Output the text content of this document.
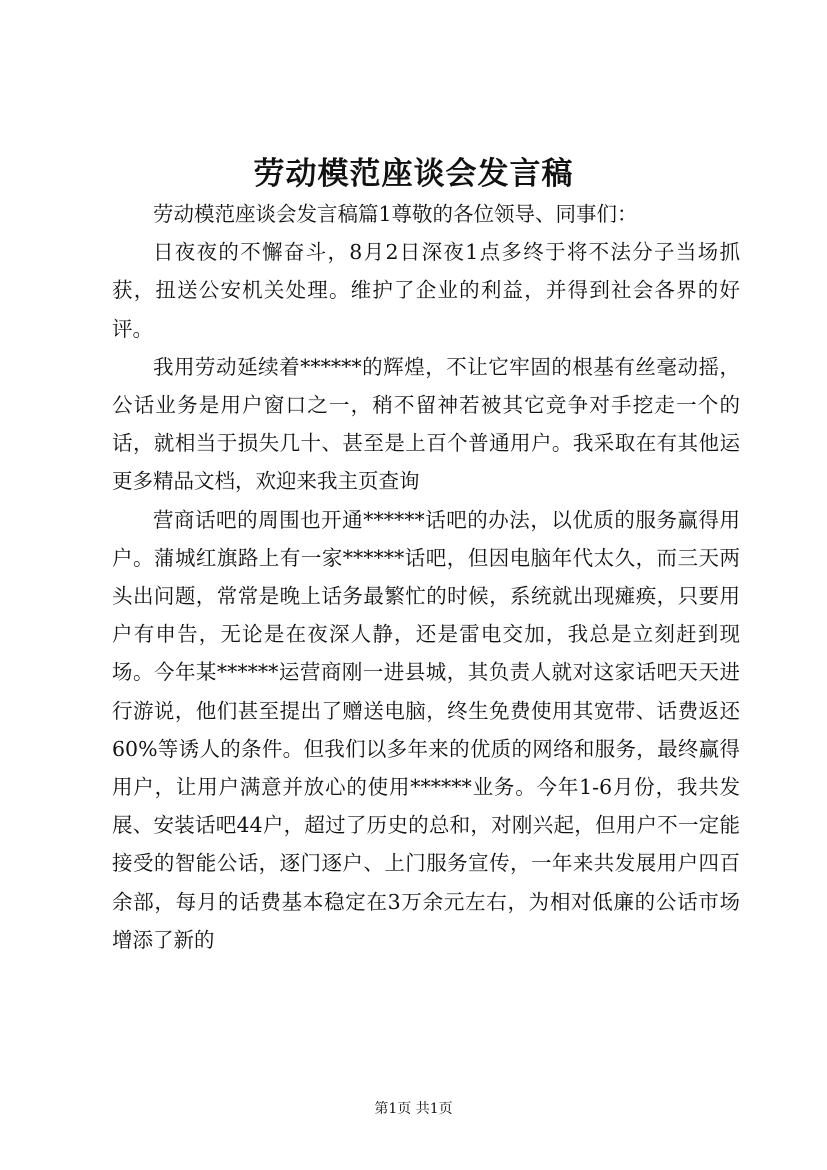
劳动模范座谈会发言稿

劳动模范座谈会发言稿篇1尊敬的各位领导、同事们：

日夜夜的不懈奋斗，8月2日深夜1点多终于将不法分子当场抓获，扭送公安机关处理。维护了企业的利益，并得到社会各界的好评。

我用劳动延续着******的辉煌，不让它牢固的根基有丝毫动摇，公话业务是用户窗口之一，稍不留神若被其它竞争对手挖走一个的话，就相当于损失几十、甚至是上百个普通用户。我采取在有其他运更多精品文档，欢迎来我主页查询

营商话吧的周围也开通******话吧的办法，以优质的服务赢得用户。蒲城红旗路上有一家******话吧，但因电脑年代太久，而三天两头出问题，常常是晚上话务最繁忙的时候，系统就出现瘫痪，只要用户有申告，无论是在夜深人静，还是雷电交加，我总是立刻赶到现场。今年某******运营商刚一进县城，其负责人就对这家话吧天天进行游说，他们甚至提出了赠送电脑，终生免费使用其宽带、话费返还60%等诱人的条件。但我们以多年来的优质的网络和服务，最终赢得用户，让用户满意并放心的使用******业务。今年1-6月份，我共发展、安装话吧44户，超过了历史的总和，对刚兴起，但用户不一定能接受的智能公话，逐门逐户、上门服务宣传，一年来共发展用户四百余部，每月的话费基本稳定在3万余元左右，为相对低廉的公话市场增添了新的

第1页 共1页
